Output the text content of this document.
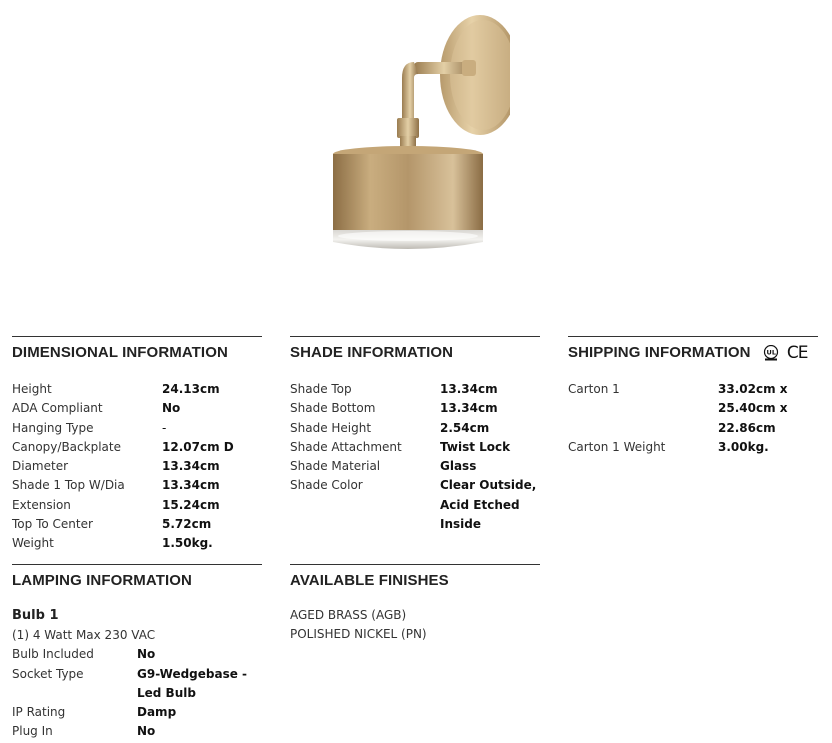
DIMENSIONAL INFORMATION
Height	24.13cm
ADA Compliant	No
Hanging Type	-
Canopy/Backplate	12.07cm D
Diameter	13.34cm
Shade 1 Top W/Dia	13.34cm
Extension	15.24cm
Top To Center	5.72cm
Weight	1.50kg.
SHADE INFORMATION
Shade Top	13.34cm
Shade Bottom	13.34cm
Shade Height	2.54cm
Shade Attachment	Twist Lock
Shade Material	Glass
Shade Color	Clear Outside, Acid Etched Inside
SHIPPING INFORMATION UL CE
Carton 1	33.02cm x 25.40cm x 22.86cm
Carton 1 Weight	3.00kg.
LAMPING INFORMATION
Bulb 1
(1) 4 Watt Max 230 VAC
Bulb Included	No
Socket Type	G9-Wedgebase - Led Bulb
IP Rating	Damp
Plug In	No
AVAILABLE FINISHES
AGED BRASS (AGB)
POLISHED NICKEL (PN)
